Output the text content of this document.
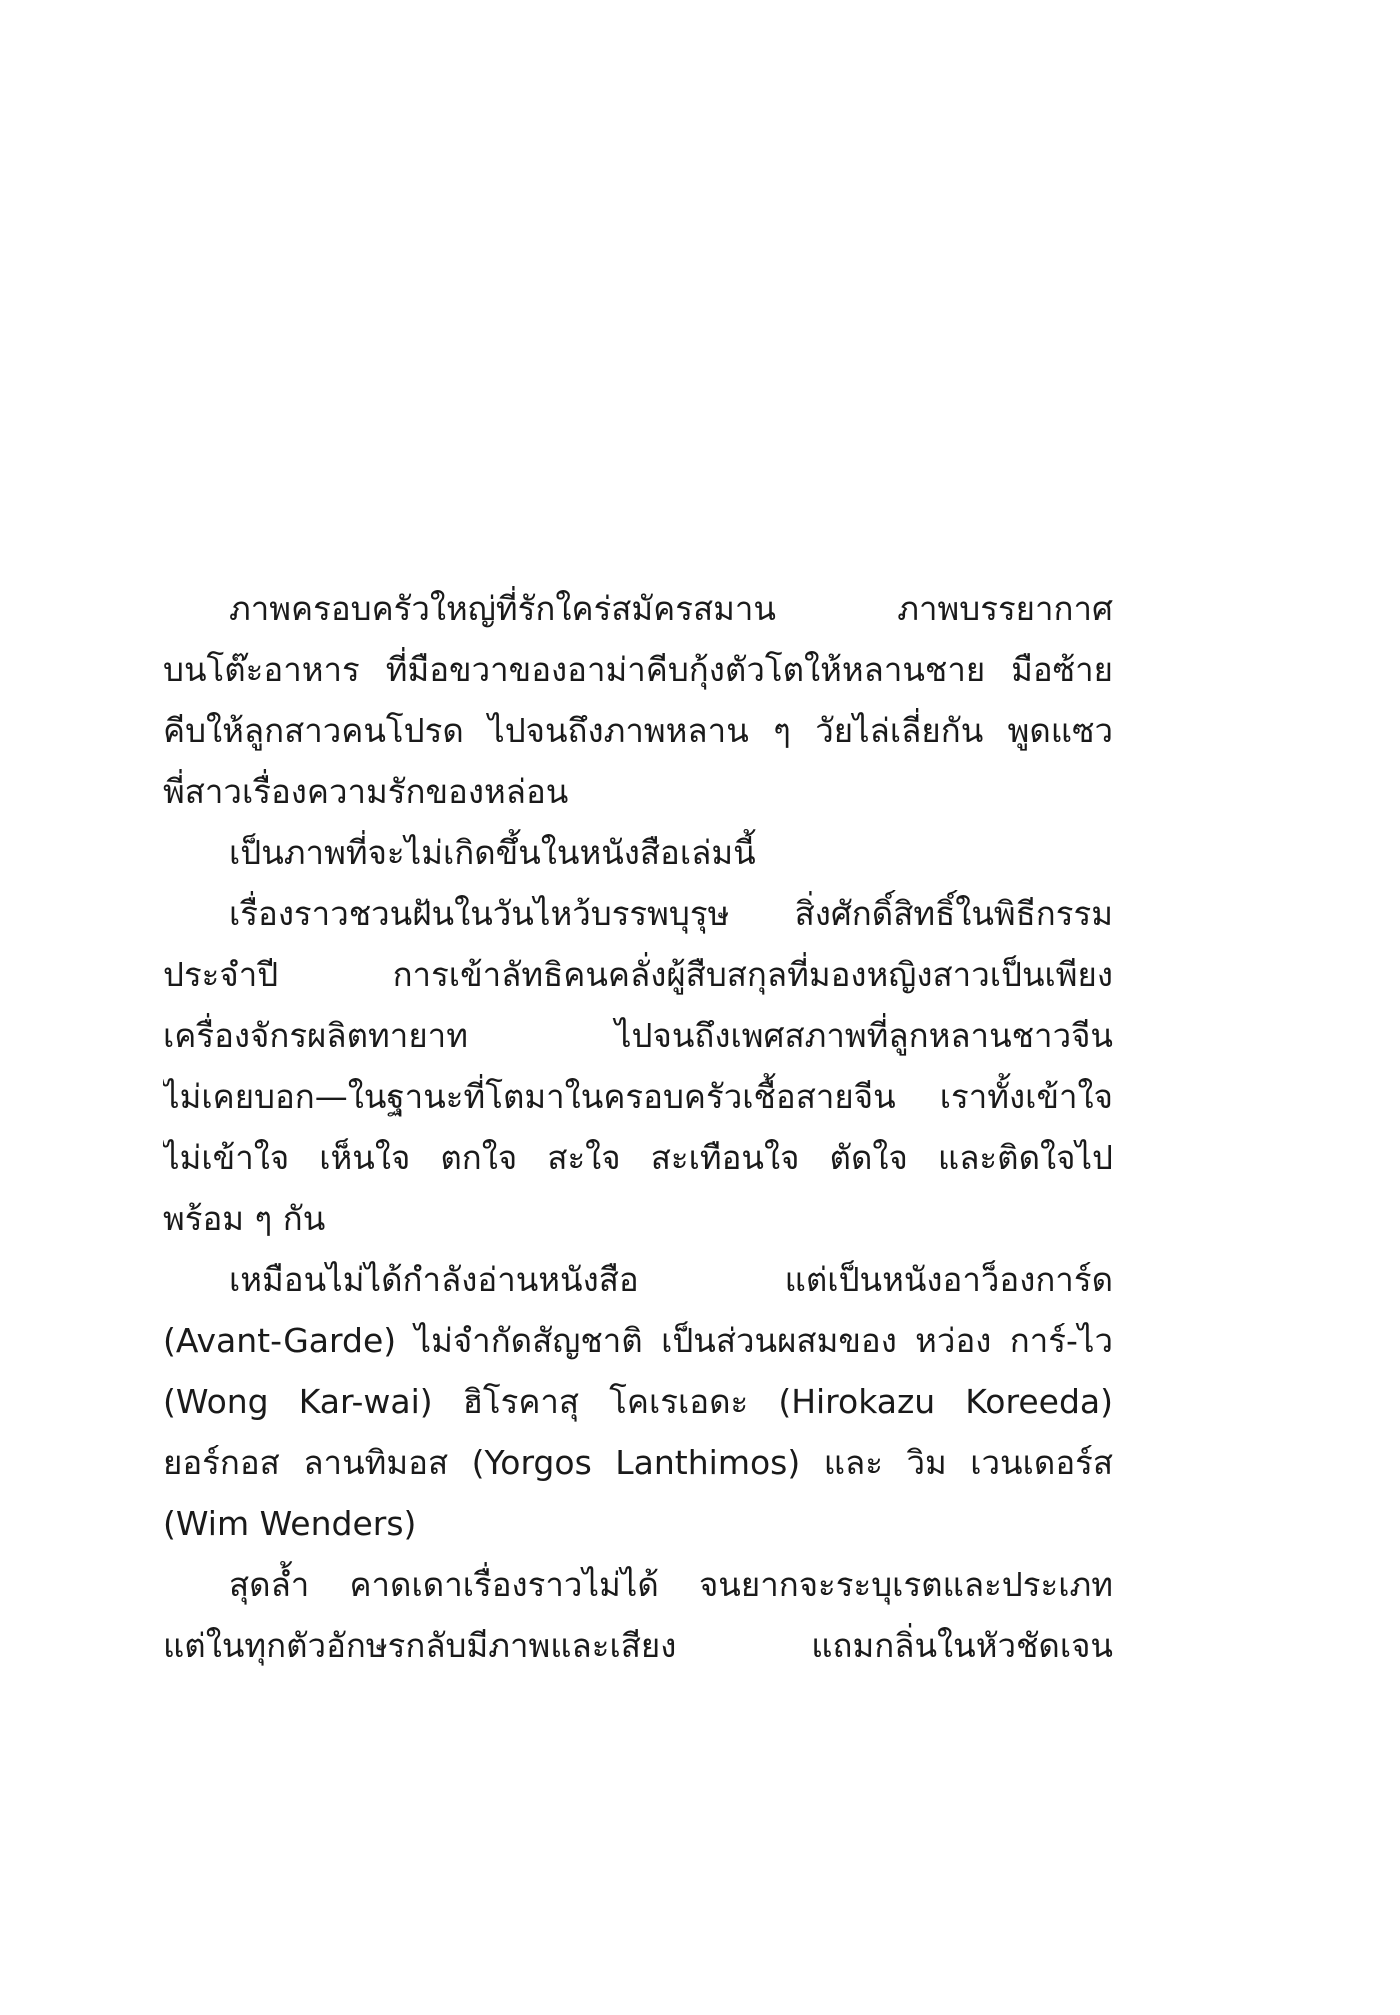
ภาพครอบครัวใหญ่ที่รักใคร่สมัครสมาน ภาพบรรยากาศ
บนโต๊ะอาหาร ที่มือขวาของอาม่าคีบกุ้งตัวโตให้หลานชาย มือซ้าย
คีบให้ลูกสาวคนโปรด ไปจนถึงภาพหลาน ๆ วัยไล่เลี่ยกัน พูดแซว
พี่สาวเรื่องความรักของหล่อน
เป็นภาพที่จะไม่เกิดขึ้นในหนังสือเล่มนี้
เรื่องราวชวนฝันในวันไหว้บรรพบุรุษ สิ่งศักดิ์สิทธิ์ในพิธีกรรม
ประจำปี การเข้าลัทธิคนคลั่งผู้สืบสกุลที่มองหญิงสาวเป็นเพียง
เครื่องจักรผลิตทายาท ไปจนถึงเพศสภาพที่ลูกหลานชาวจีน
ไม่เคยบอก—ในฐานะที่โตมาในครอบครัวเชื้อสายจีน เราทั้งเข้าใจ
ไม่เข้าใจ เห็นใจ ตกใจ สะใจ สะเทือนใจ ตัดใจ และติดใจไป
พร้อม ๆ กัน
เหมือนไม่ได้กำลังอ่านหนังสือ แต่เป็นหนังอาว็องการ์ด
(Avant-Garde) ไม่จำกัดสัญชาติ เป็นส่วนผสมของ หว่อง การ์-ไว
(Wong Kar-wai) ฮิโรคาสุ โคเรเอดะ (Hirokazu Koreeda)
ยอร์กอส ลานทิมอส (Yorgos Lanthimos) และ วิม เวนเดอร์ส
(Wim Wenders)
สุดล้ำ คาดเดาเรื่องราวไม่ได้ จนยากจะระบุเรตและประเภท
แต่ในทุกตัวอักษรกลับมีภาพและเสียง แถมกลิ่นในหัวชัดเจน
